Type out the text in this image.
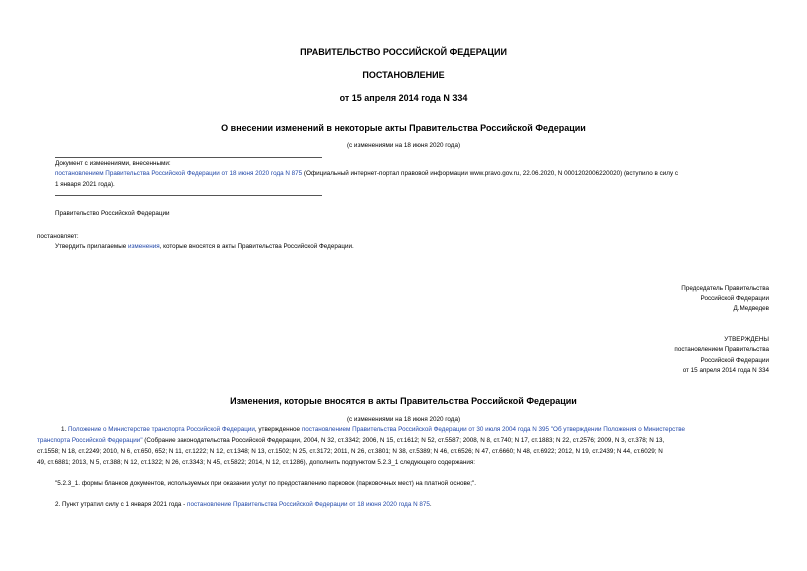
ПРАВИТЕЛЬСТВО РОССИЙСКОЙ ФЕДЕРАЦИИ
ПОСТАНОВЛЕНИЕ
от 15 апреля 2014 года N 334
О внесении изменений в некоторые акты Правительства Российской Федерации
(с изменениями на 18 июня 2020 года)
Документ с изменениями, внесенными:
постановлением Правительства Российской Федерации от 18 июня 2020 года N 875 (Официальный интернет-портал правовой информации www.pravo.gov.ru, 22.06.2020, N 0001202006220020) (вступило в силу с
1 января 2021 года).
Правительство Российской Федерации
постановляет:
Утвердить прилагаемые изменения, которые вносятся в акты Правительства Российской Федерации.
Председатель Правительства
Российской Федерации
Д.Медведев
УТВЕРЖДЕНЫ
постановлением Правительства
Российской Федерации
от 15 апреля 2014 года N 334
Изменения, которые вносятся в акты Правительства Российской Федерации
(с изменениями на 18 июня 2020 года)
1. Положение о Министерстве транспорта Российской Федерации, утвержденное постановлением Правительства Российской Федерации от 30 июля 2004 года N 395 "Об утверждении Положения о Министерстве
транспорта Российской Федерации" (Собрание законодательства Российской Федерации, 2004, N 32, ст.3342; 2006, N 15, ст.1612; N 52, ст.5587; 2008, N 8, ст.740; N 17, ст.1883; N 22, ст.2576; 2009, N 3, ст.378; N 13,
ст.1558; N 18, ст.2249; 2010, N 6, ст.650, 652; N 11, ст.1222; N 12, ст.1348; N 13, ст.1502; N 25, ст.3172; 2011, N 26, ст.3801; N 38, ст.5389; N 46, ст.6526; N 47, ст.6660; N 48, ст.6922; 2012, N 19, ст.2439; N 44, ст.6029; N
49, ст.6881; 2013, N 5, ст.388; N 12, ст.1322; N 26, ст.3343; N 45, ст.5822; 2014, N 12, ст.1286), дополнить подпунктом 5.2.3_1 следующего содержания:
"5.2.3_1. формы бланков документов, используемых при оказании услуг по предоставлению парковок (парковочных мест) на платной основе;".
2. Пункт утратил силу с 1 января 2021 года - постановление Правительства Российской Федерации от 18 июня 2020 года N 875.
